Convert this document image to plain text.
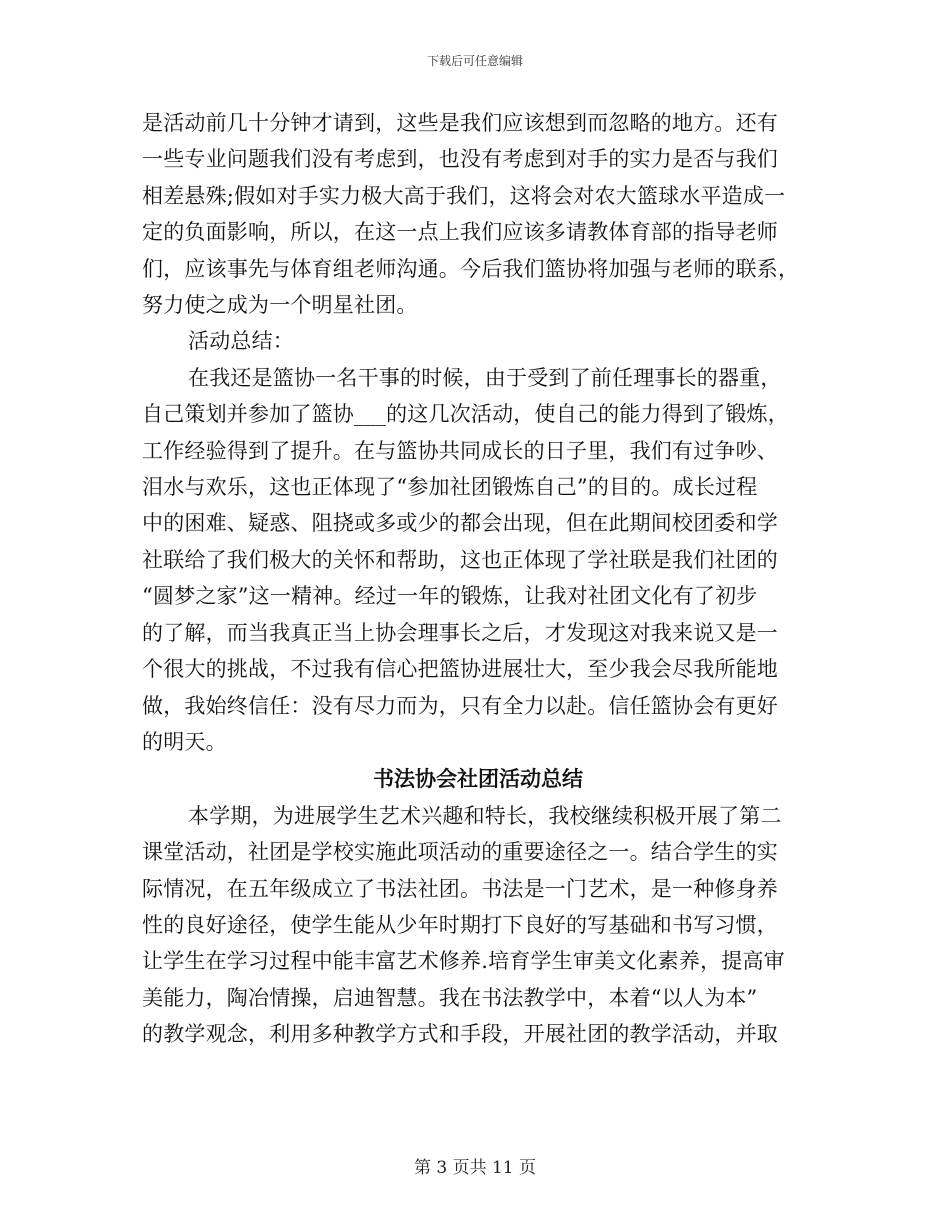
下载后可任意编辑
是活动前几十分钟才请到，这些是我们应该想到而忽略的地方。还有
一些专业问题我们没有考虑到，也没有考虑到对手的实力是否与我们
相差悬殊;假如对手实力极大高于我们，这将会对农大篮球水平造成一
定的负面影响，所以，在这一点上我们应该多请教体育部的指导老师
们，应该事先与体育组老师沟通。今后我们篮协将加强与老师的联系，
努力使之成为一个明星社团。
活动总结：
在我还是篮协一名干事的时候，由于受到了前任理事长的器重，
自己策划并参加了篮协___的这几次活动，使自己的能力得到了锻炼，
工作经验得到了提升。在与篮协共同成长的日子里，我们有过争吵、
泪水与欢乐，这也正体现了“参加社团锻炼自己”的目的。成长过程
中的困难、疑惑、阻挠或多或少的都会出现，但在此期间校团委和学
社联给了我们极大的关怀和帮助，这也正体现了学社联是我们社团的
“圆梦之家”这一精神。经过一年的锻炼，让我对社团文化有了初步
的了解，而当我真正当上协会理事长之后，才发现这对我来说又是一
个很大的挑战，不过我有信心把篮协进展壮大，至少我会尽我所能地
做，我始终信任：没有尽力而为，只有全力以赴。信任篮协会有更好
的明天。
书法协会社团活动总结
本学期，为进展学生艺术兴趣和特长，我校继续积极开展了第二
课堂活动，社团是学校实施此项活动的重要途径之一。结合学生的实
际情况，在五年级成立了书法社团。书法是一门艺术，是一种修身养
性的良好途径，使学生能从少年时期打下良好的写基础和书写习惯，
让学生在学习过程中能丰富艺术修养.培育学生审美文化素养，提高审
美能力，陶冶情操，启迪智慧。我在书法教学中，本着“以人为本”
的教学观念，利用多种教学方式和手段，开展社团的教学活动，并取
第 3 页共 11 页
